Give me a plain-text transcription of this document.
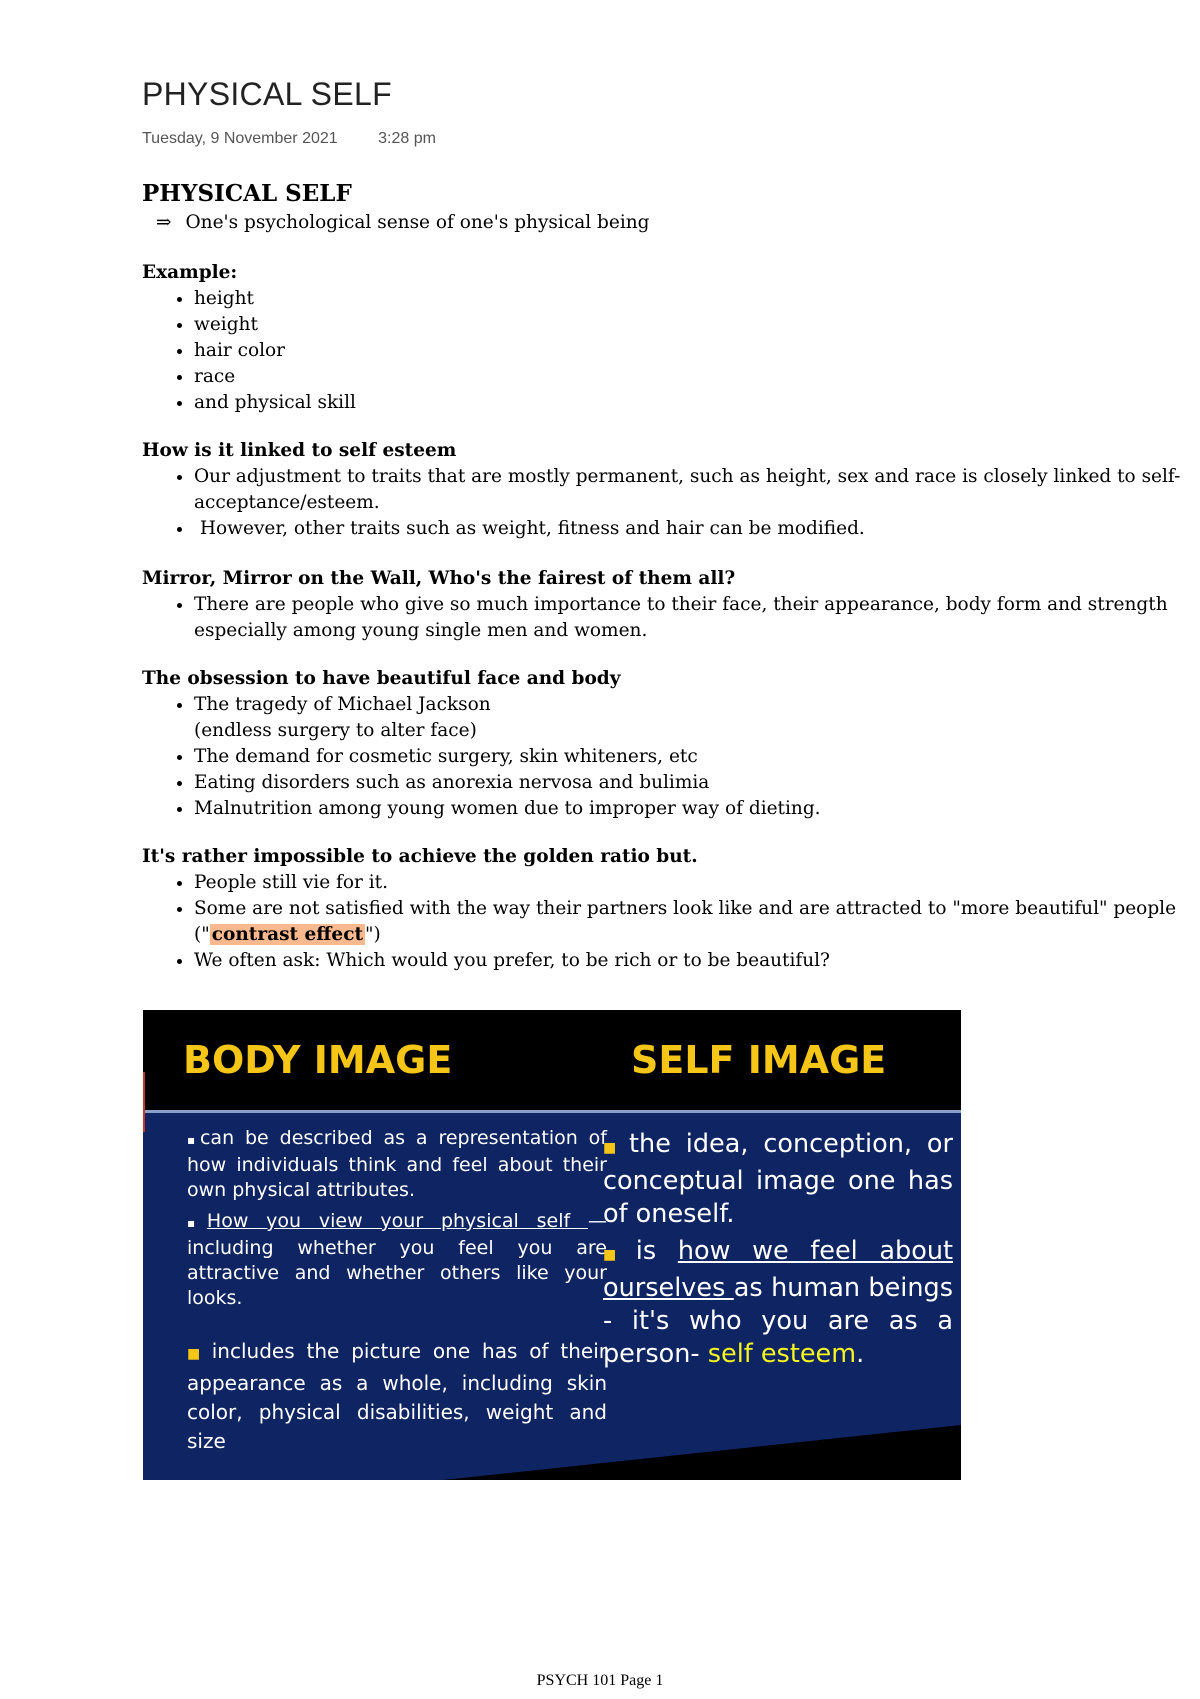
PHYSICAL SELF
Tuesday, 9 November 2021	3:28 pm

PHYSICAL SELF

⇒ One's psychological sense of one's physical being

Example:

• height
• weight
• hair color
• race
• and physical skill

How is it linked to self esteem

• Our adjustment to traits that are mostly permanent, such as height, sex and race is closely linked to self-acceptance/esteem.
•  However, other traits such as weight, fitness and hair can be modified.

Mirror, Mirror on the Wall, Who's the fairest of them all?

• There are people who give so much importance to their face, their appearance, body form and strength especially among young single men and women.

The obsession to have beautiful face and body

• The tragedy of Michael Jackson
(endless surgery to alter face)
• The demand for cosmetic surgery, skin whiteners, etc
• Eating disorders such as anorexia nervosa and bulimia
• Malnutrition among young women due to improper way of dieting.

It's rather impossible to achieve the golden ratio but.

• People still vie for it.
• Some are not satisfied with the way their partners look like and are attracted to "more beautiful" people (" contrast effect ")
• We often ask: Which would you prefer, to be rich or to be beautiful?
BODY IMAGE	SELF IMAGE
▪can be described as a representation of how individuals think and feel about their own physical attributes.
▪How you view your physical self — including whether you feel you are attractive and whether others like your looks.
■ includes the picture one has of their appearance as a whole, including skin color, physical disabilities, weight and size
■ the idea, conception, or conceptual image one has of oneself.
■ is how we feel about ourselves as human beings - it's who you are as a person- self esteem.
PSYCH 101 Page 1
